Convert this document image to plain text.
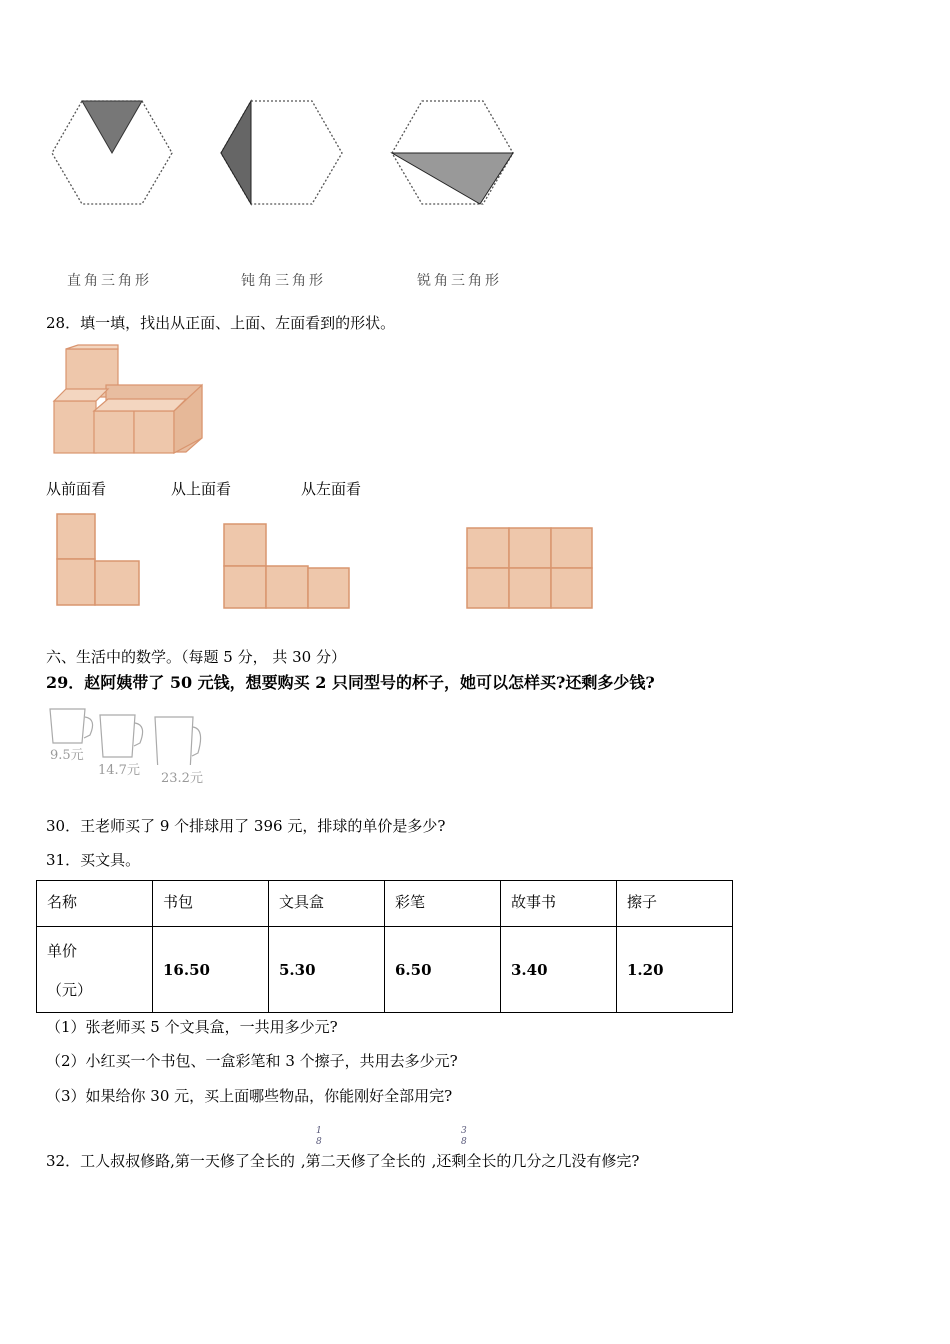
直角三角形	钝角三角形	锐角三角形
28．填一填，找出从正面、上面、左面看到的形状。
从前面看	从上面看	从左面看
六、生活中的数学。（每题 5 分， 共 30 分）
29．赵阿姨带了 50 元钱，想要购买 2 只同型号的杯子，她可以怎样买?还剩多少钱?
9.5元
14.7元
23.2元
30．王老师买了 9 个排球用了 396 元，排球的单价是多少?
31．买文具。
名称	书包	文具盒	彩笔	故事书	擦子

单价
（元）	16.50	5.30	6.50	3.40	1.20
（1）张老师买 5 个文具盒，一共用多少元?
（2）小红买一个书包、一盒彩笔和 3 个擦子，共用去多少元?
（3）如果给你 30 元，买上面哪些物品，你能刚好全部用完?
32．工人叔叔修路,第一天修了全长的 ,第二天修了全长的 ,还剩全长的几分之几没有修完?
1
8
3
8
